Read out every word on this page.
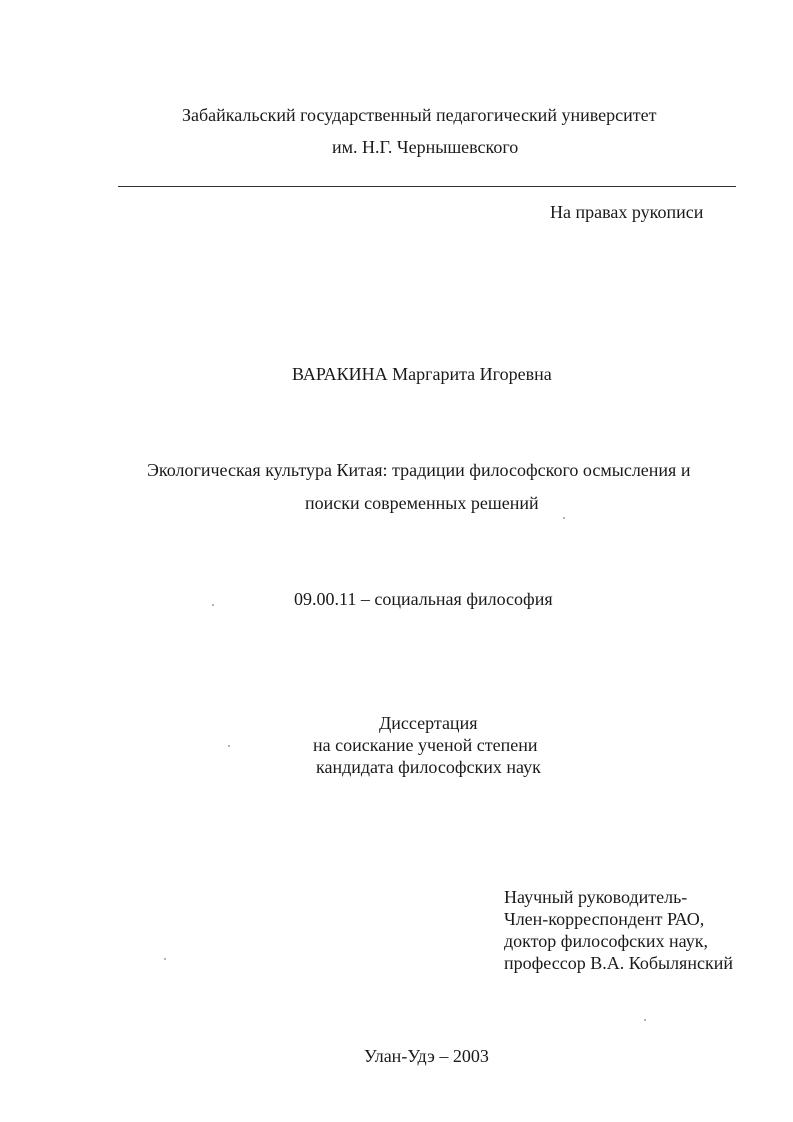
Забайкальский государственный педагогический университет
им. Н.Г. Чернышевского
На правах рукописи
ВАРАКИНА Маргарита Игоревна
Экологическая культура Китая: традиции философского осмысления и
поиски современных решений
09.00.11 – социальная философия
Диссертация
на соискание ученой степени
кандидата философских наук
Научный руководитель-
Член-корреспондент РАО,
доктор философских наук,
профессор В.А. Кобылянский
Улан-Удэ – 2003
